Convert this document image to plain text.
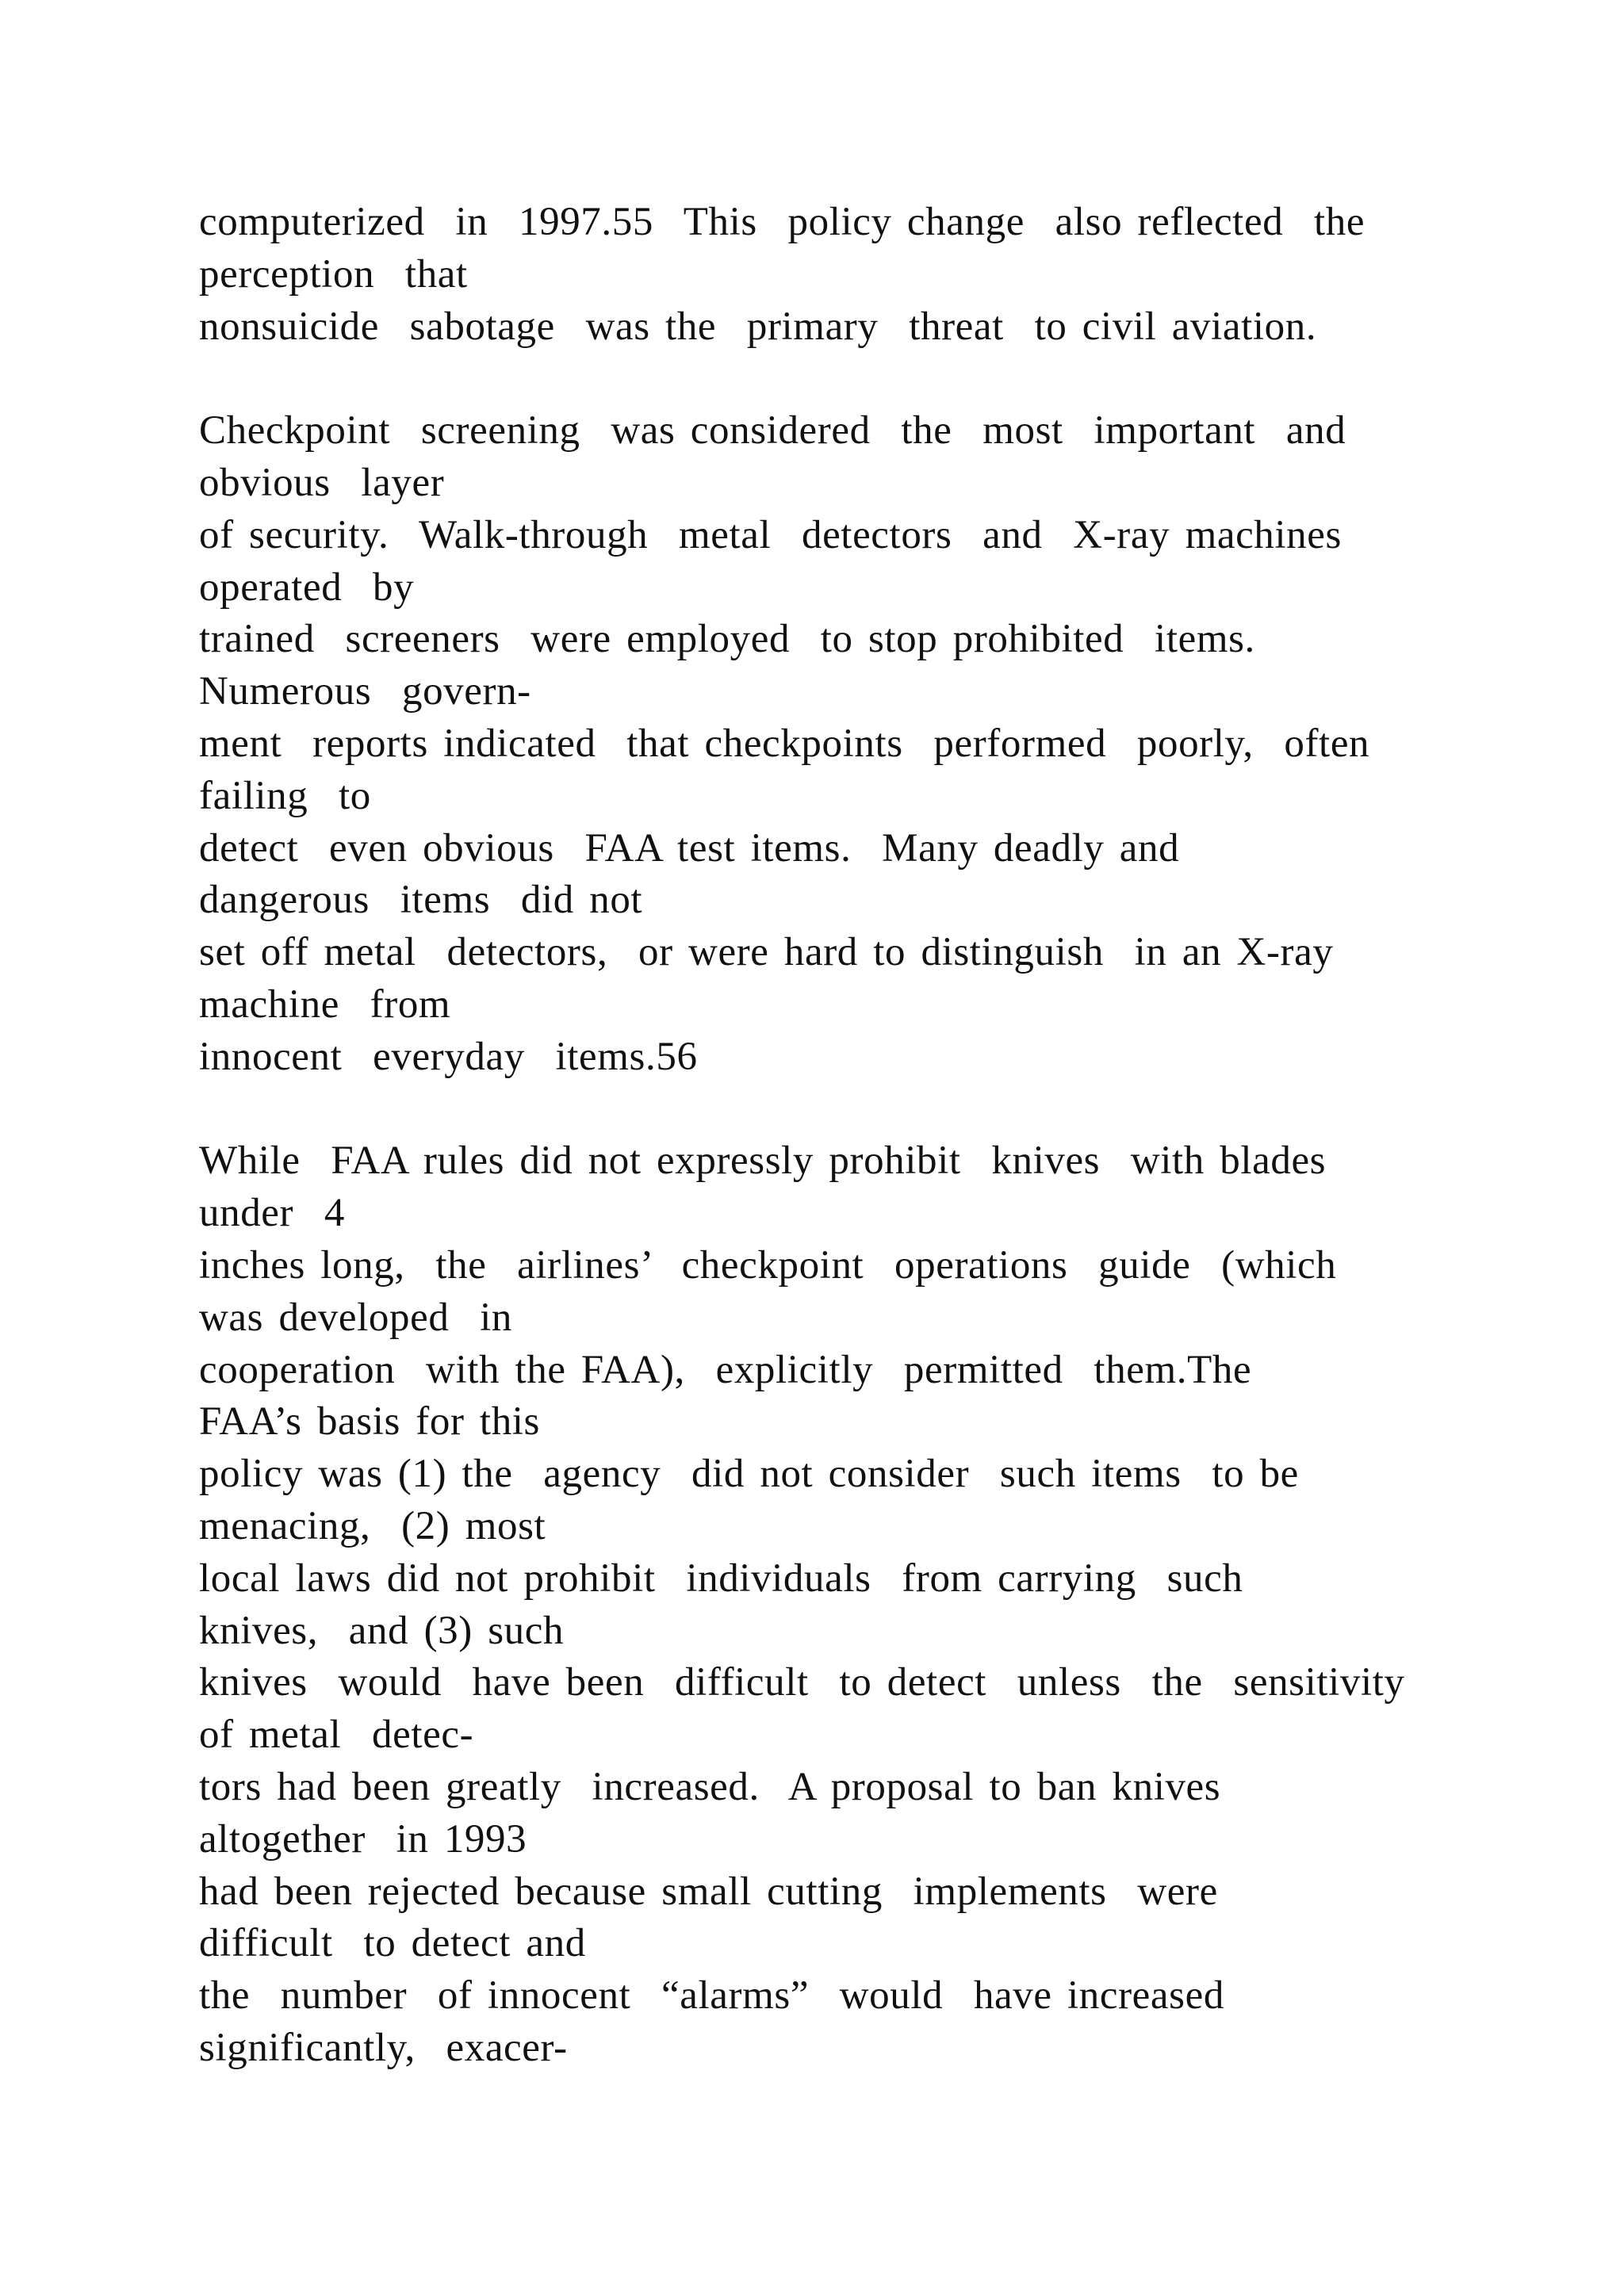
computerized  in  1997.55  This  policy change  also reflected  the
perception  that
nonsuicide  sabotage  was the  primary  threat  to civil aviation.
Checkpoint  screening  was considered  the  most  important  and
obvious  layer
of security.  Walk-through  metal  detectors  and  X-ray machines
operated  by
trained  screeners  were employed  to stop prohibited  items.
Numerous  govern-
ment  reports indicated  that checkpoints  performed  poorly,  often
failing  to
detect  even obvious  FAA test items.  Many deadly and
dangerous  items  did not
set off metal  detectors,  or were hard to distinguish  in an X-ray
machine  from
innocent  everyday  items.56
While  FAA rules did not expressly prohibit  knives  with blades
under  4
inches long,  the  airlines’  checkpoint  operations  guide  (which
was developed  in
cooperation  with the FAA),  explicitly  permitted  them.The
FAA’s basis for this
policy was (1) the  agency  did not consider  such items  to be
menacing,  (2) most
local laws did not prohibit  individuals  from carrying  such
knives,  and (3) such
knives  would  have been  difficult  to detect  unless  the  sensitivity
of metal  detec-
tors had been greatly  increased.  A proposal to ban knives
altogether  in 1993
had been rejected because small cutting  implements  were
difficult  to detect and
the  number  of innocent  “alarms”  would  have increased
significantly,  exacer-
